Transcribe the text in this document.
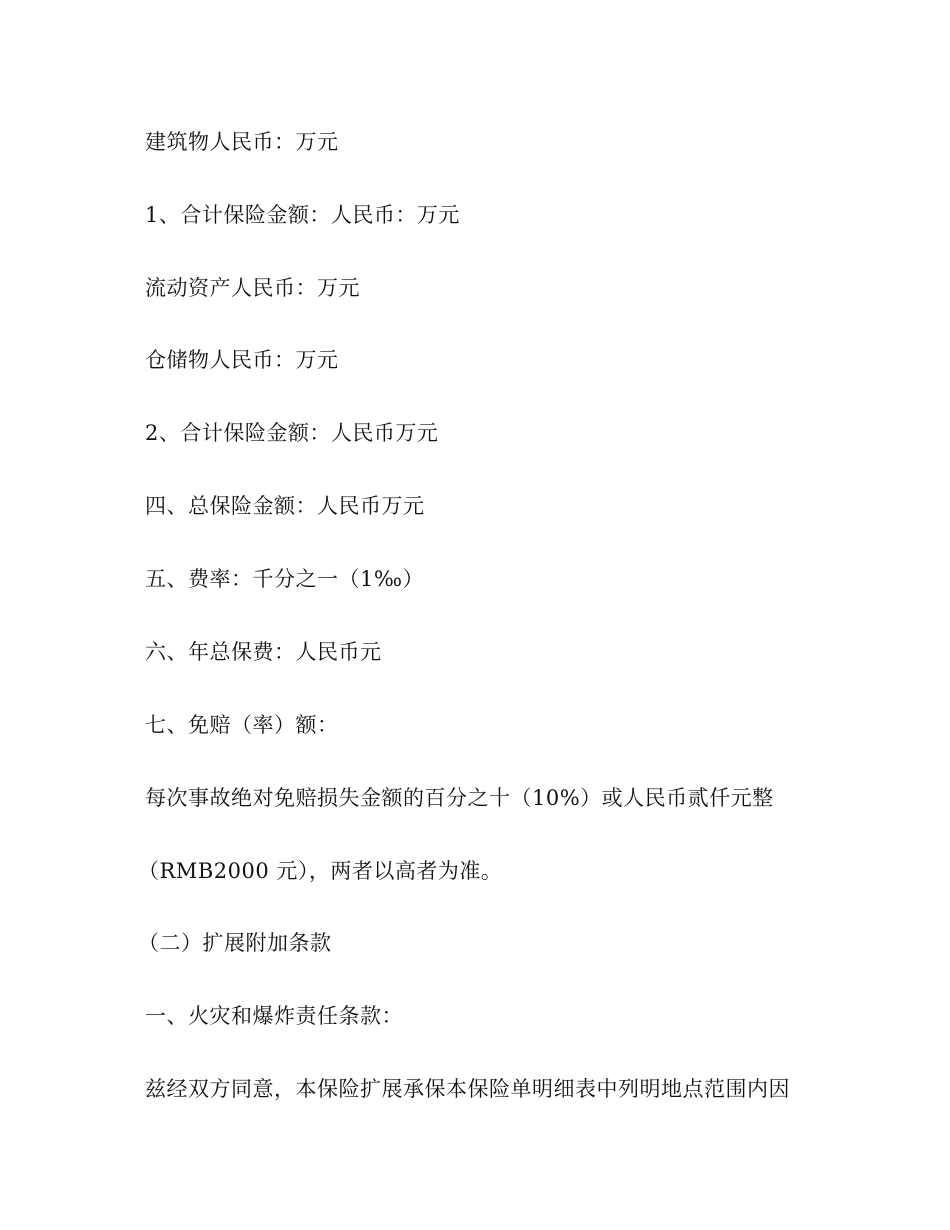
建筑物人民币：万元
1、合计保险金额：人民币：万元
流动资产人民币：万元
仓储物人民币：万元
2、合计保险金额：人民币万元
四、总保险金额：人民币万元
五、费率：千分之一（1‰）
六、年总保费：人民币元
七、免赔（率）额：
每次事故绝对免赔损失金额的百分之十（10%）或人民币贰仟元整
（RMB2000 元），两者以高者为准。
（二）扩展附加条款
一、火灾和爆炸责任条款：
兹经双方同意，本保险扩展承保本保险单明细表中列明地点范围内因
